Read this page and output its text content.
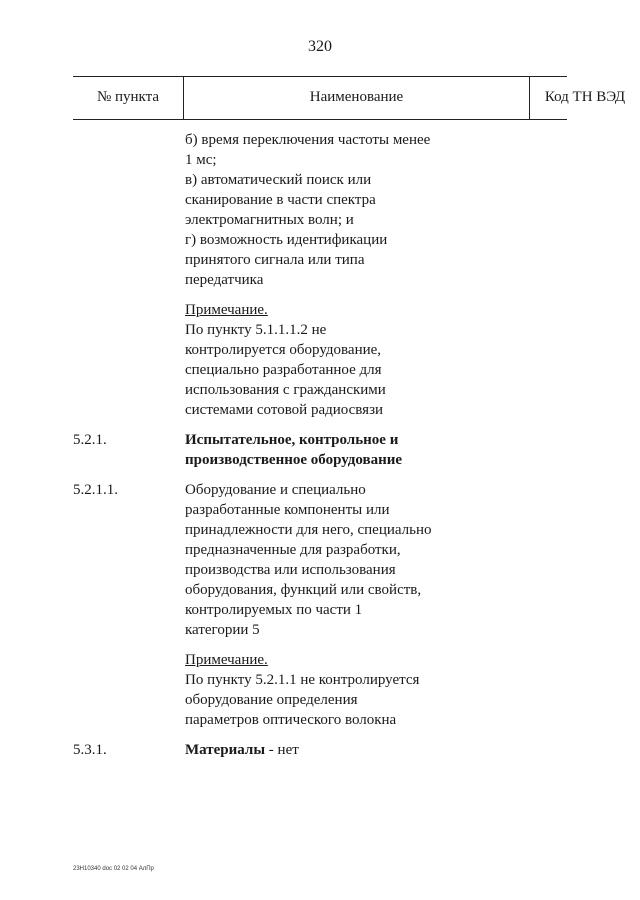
320
№ пункта	Наименование	Код ТН ВЭД
б) время переключения частоты менее
1 мс;
в) автоматический поиск или
сканирование в части спектра
электромагнитных волн; и
г) возможность идентификации
принятого сигнала или типа
передатчика
Примечание.
По пункту 5.1.1.1.2 не
контролируется оборудование,
специально разработанное для
использования с гражданскими
системами сотовой радиосвязи
5.2.1.	Испытательное, контрольное и
производственное оборудование
5.2.1.1.	Оборудование и специально
разработанные компоненты или
принадлежности для него, специально
предназначенные для разработки,
производства или использования
оборудования, функций или свойств,
контролируемых по части 1
категории 5
Примечание.
По пункту 5.2.1.1 не контролируется
оборудование определения
параметров оптического волокна
5.3.1.	Материалы - нет
23Н10340 doc 02 02 04 АлПр
